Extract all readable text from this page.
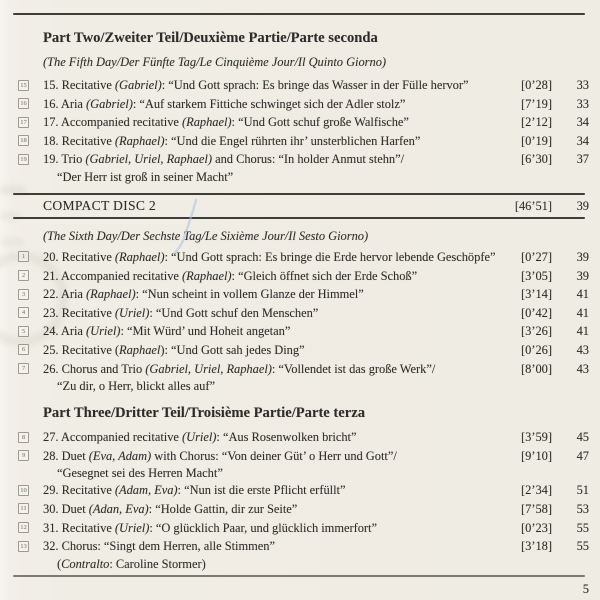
Part Two/Zweiter Teil/Deuxième Partie/Parte seconda
(The Fifth Day/Der Fünfte Tag/Le Cinquième Jour/Il Quinto Giorno)
15 15. Recitative (Gabriel): “Und Gott sprach: Es bringe das Wasser in der Fülle hervor”	[0’28]	33
16 16. Aria (Gabriel): “Auf starkem Fittiche schwinget sich der Adler stolz”	[7’19]	33
17 17. Accompanied recitative (Raphael): “Und Gott schuf große Walfische”	[2’12]	34
18 18. Recitative (Raphael): “Und die Engel rührten ihr’ unsterblichen Harfen”	[0’19]	34
19 19. Trio (Gabriel, Uriel, Raphael) and Chorus: “In holder Anmut stehn”/
“Der Herr ist groß in seiner Macht”
[6’30]	37
COMPACT DISC 2	[46’51]	39
(The Sixth Day/Der Sechste Tag/Le Sixième Jour/Il Sesto Giorno)
1	20. Recitative (Raphael): “Und Gott sprach: Es bringe die Erde hervor lebende Geschöpfe”	[0’27]	39
2	21. Accompanied recitative (Raphael): “Gleich öffnet sich der Erde Schoß”	[3’05]	39
3	22. Aria (Raphael): “Nun scheint in vollem Glanze der Himmel”	[3’14]	41
4	23. Recitative (Uriel): “Und Gott schuf den Menschen”	[0’42]	41
5	24. Aria (Uriel): “Mit Würd’ und Hoheit angetan”	[3’26]	41
6	25. Recitative (Raphael): “Und Gott sah jedes Ding”	[0’26]	43
7	26. Chorus and Trio (Gabriel, Uriel, Raphael): “Vollendet ist das große Werk”/
“Zu dir, o Herr, blickt alles auf”
[8’00]	43
Part Three/Dritter Teil/Troisième Partie/Parte terza
8	27. Accompanied recitative (Uriel): “Aus Rosenwolken bricht”	[3’59]	45
9	28. Duet (Eva, Adam) with Chorus: “Von deiner Güt’ o Herr und Gott”/
“Gesegnet sei des Herren Macht”
[9’10]	47
10 29. Recitative (Adam, Eva): “Nun ist die erste Pflicht erfüllt”	[2’34]	51
11 30. Duet (Adan, Eva): “Holde Gattin, dir zur Seite”	[7’58]	53
12 31. Recitative (Uriel): “O glücklich Paar, und glücklich immerfort”	[0’23]	55
13 32. Chorus: “Singt dem Herren, alle Stimmen”
(Contralto: Caroline Stormer)
[3’18]	55
5
